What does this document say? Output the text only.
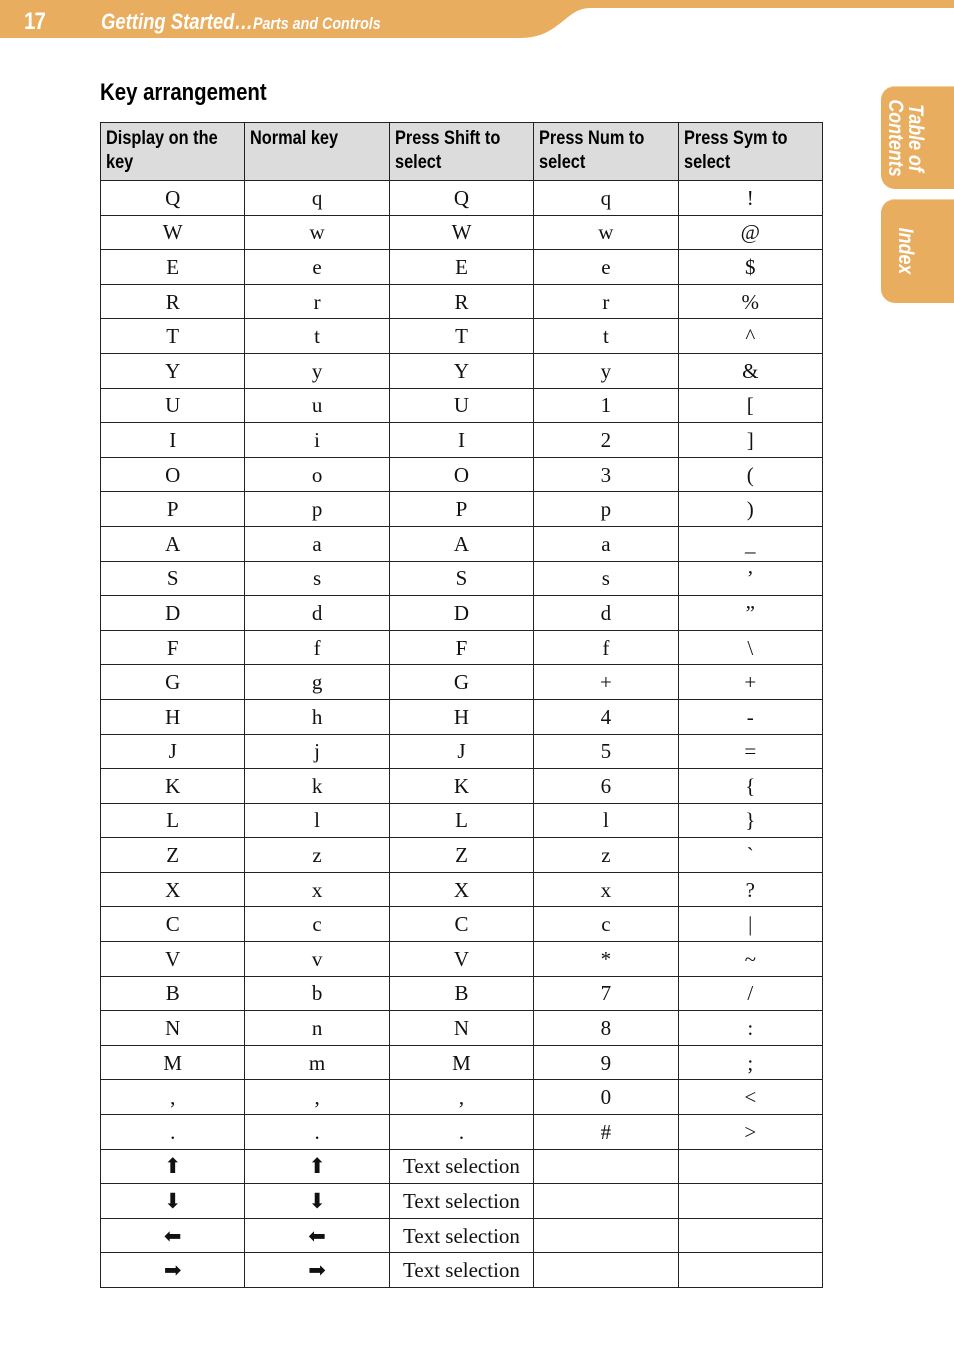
17	Getting Started…Parts and Controls
Key arrangement
Table of
Contents
Index
Display on the key	Normal key	Press Shift to select	Press Num to select	Press Sym to select
Q	q	Q	q	!
W	w	W	w	@
E	e	E	e	$
R	r	R	r	%
T	t	T	t	^
Y	y	Y	y	&
U	u	U	1	[
I	i	I	2	]
O	o	O	3	(
P	p	P	p	)
A	a	A	a	_
S	s	S	s	’
D	d	D	d	”
F	f	F	f	\
G	g	G	+	+
H	h	H	4	-
J	j	J	5	=
K	k	K	6	{
L	l	L	l	}
Z	z	Z	z	`
X	x	X	x	?
C	c	C	c	|
V	v	V	*	~
B	b	B	7	/
N	n	N	8	:
M	m	M	9	;
,	,	,	0	<
.	.	.	#	>
⬆	⬆	Text selection		
⬇	⬇	Text selection		
⬅	⬅	Text selection		
➡	➡	Text selection		
